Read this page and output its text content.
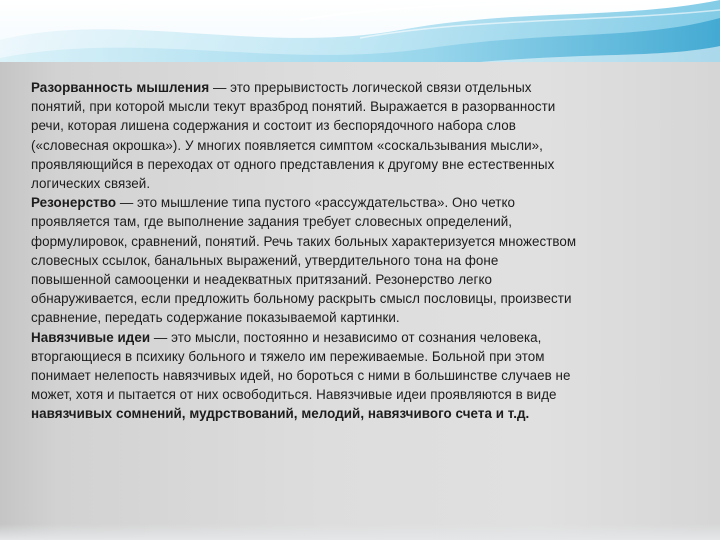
Разорванность мышления — это прерывистость логической связи отдельных
понятий, при которой мысли текут вразброд понятий. Выражается в разорванности
речи, которая лишена содержания и состоит из беспорядочного набора слов
(«словесная окрошка»). У многих появляется симптом «соскальзывания мысли»,
проявляющийся в переходах от одного представления к другому вне естественных
логических связей.
Резонерство — это мышление типа пустого «рассуждательства». Оно четко
проявляется там, где выполнение задания требует словесных определений,
формулировок, сравнений, понятий. Речь таких больных характеризуется множеством
словесных ссылок, банальных выражений, утвердительного тона на фоне
повышенной самооценки и неадекватных притязаний. Резонерство легко
обнаруживается, если предложить больному раскрыть смысл пословицы, произвести
сравнение, передать содержание показываемой картинки.
Навязчивые идеи — это мысли, постоянно и независимо от сознания человека,
вторгающиеся в психику больного и тяжело им переживаемые. Больной при этом
понимает нелепость навязчивых идей, но бороться с ними в большинстве случаев не
может, хотя и пытается от них освободиться. Навязчивые идеи проявляются в виде
навязчивых сомнений, мудрствований, мелодий, навязчивого счета и т.д.
